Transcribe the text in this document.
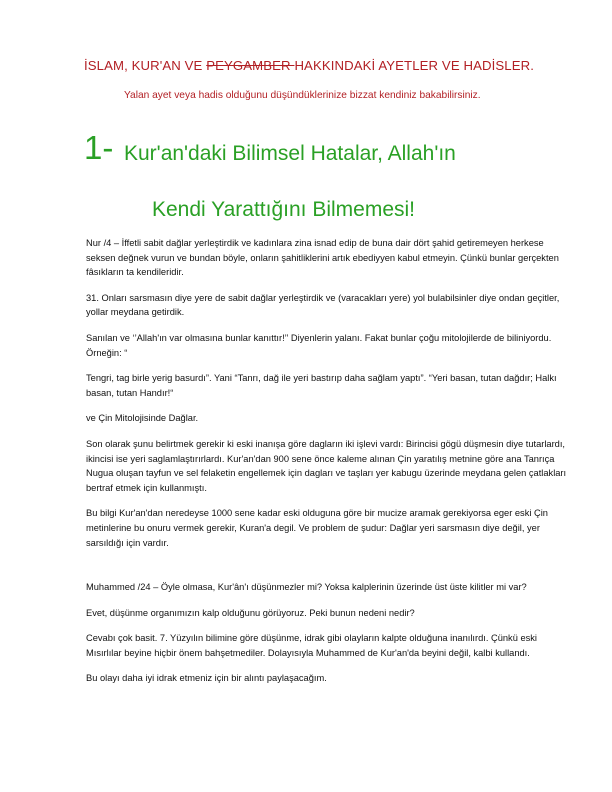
İSLAM, KUR'AN VE PEYGAMBER HAKKINDAKİ AYETLER VE HADİSLER.
Yalan ayet veya hadis olduğunu düşündüklerinize bizzat kendiniz bakabilirsiniz.
1- Kur'an'daki Bilimsel Hatalar, Allah'ın
Kendi Yarattığını Bilmemesi!

Nur /4 – İffetli sabit dağlar yerleştirdik ve kadınlara zina isnad edip de buna dair dört şahid getiremeyen herkese seksen değnek vurun ve bundan böyle, onların şahitliklerini artık ebediyyen kabul etmeyin. Çünkü bunlar gerçekten fâsıkların ta kendileridir.

31. Onları sarsmasın diye yere de sabit dağlar yerleştirdik ve (varacakları yere) yol bulabilsinler diye ondan geçitler, yollar meydana getirdik.

Sanılan ve ‘’Allah'ın var olmasına bunlar kanıttır!’’ Diyenlerin yalanı. Fakat bunlar çoğu mitolojilerde de biliniyordu. Örneğin: “

Tengri, tag birle yerig basurdı”. Yani “Tanrı, dağ ile yeri bastırıp daha sağlam yaptı”. “Yeri basan, tutan dağdır; Halkı basan, tutan Handır!“

ve Çin Mitolojisinde Dağlar.

Son olarak şunu belirtmek gerekir ki eski inanışa göre dagların iki işlevi vardı: Birincisi gögü düşmesin diye tutarlardı, ikincisi ise yeri saglamlaştırırlardı. Kur'an'dan 900 sene önce kaleme alınan Çin yaratılış metnine göre ana Tanrıça Nugua oluşan tayfun ve sel felaketin engellemek için dagları ve taşları yer kabugu üzerinde meydana gelen çatlakları bertraf etmek için kullanmıştı.

Bu bilgi Kur'an'dan neredeyse 1000 sene kadar eski olduguna göre bir mucize aramak gerekiyorsa eger eski Çin metinlerine bu onuru vermek gerekir, Kuran'a degil. Ve problem de şudur: Dağlar yeri sarsmasın diye değil, yer sarsıldığı için vardır.

Muhammed /24 – Öyle olmasa, Kur'ân'ı düşünmezler mi? Yoksa kalplerinin üzerinde üst üste kilitler mi var?

Evet, düşünme organımızın kalp olduğunu görüyoruz. Peki bunun nedeni nedir?

Cevabı çok basit. 7. Yüzyılın bilimine göre düşünme, idrak gibi olayların kalpte olduğuna inanılırdı. Çünkü eski Mısırlılar beyine hiçbir önem bahşetmediler. Dolayısıyla Muhammed de Kur'an'da beyini değil, kalbi kullandı.

Bu olayı daha iyi idrak etmeniz için bir alıntı paylaşacağım.
